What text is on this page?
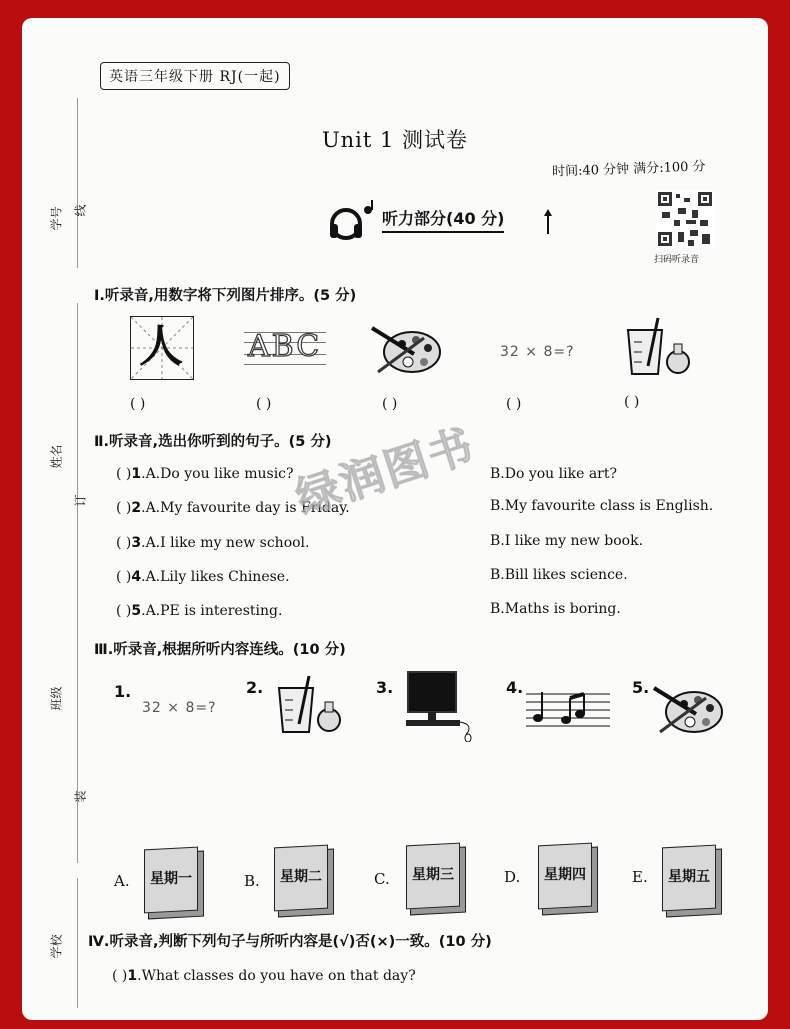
学号 线
姓名
订
班级
装
学校
英语三年级下册 RJ(一起)
Unit 1 测试卷
时间:40 分钟 满分:100 分
听力部分(40 分)
扫码听录音
Ⅰ.听录音,用数字将下列图片排序。(5 分)
人 ABC	32 × 8=?
( )	( )	( )	( )	( )
Ⅱ.听录音,选出你听到的句子。(5 分)
( )1.A.Do you like music?	B.Do you like art?
( )2.A.My favourite day is Friday.	B.My favourite class is English.
( )3.A.I like my new school.	B.I like my new book.
( )4.A.Lily likes Chinese.	B.Bill likes science.
( )5.A.PE is interesting.	B.Maths is boring.
绿润图书
Ⅲ.听录音,根据所听内容连线。(10 分)
1.
32 × 8=?
2.	3.	4.	5.
A. 星期一	B. 星期二	C. 星期三	D. 星期四	E. 星期五
Ⅳ.听录音,判断下列句子与所听内容是(√)否(×)一致。(10 分)
( )1.What classes do you have on that day?
